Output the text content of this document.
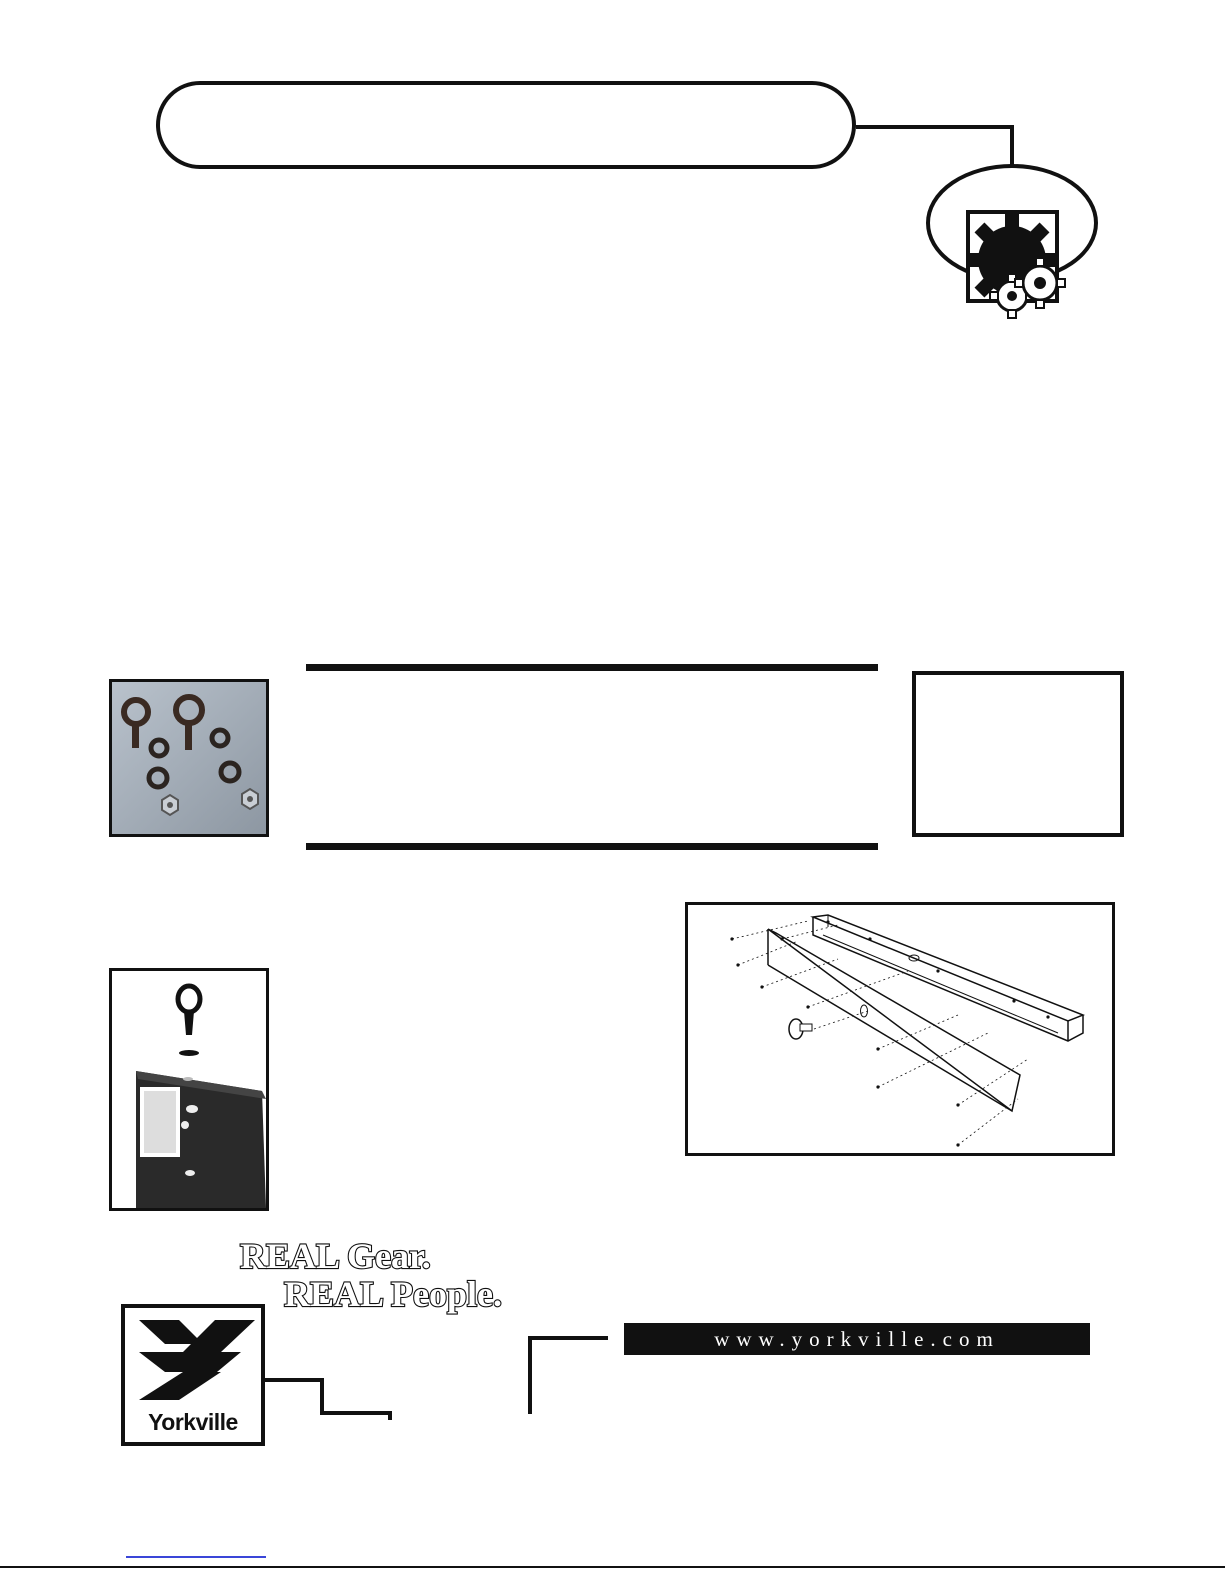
REAL Gear.
REAL People.
Yorkville
www.yorkville.com
